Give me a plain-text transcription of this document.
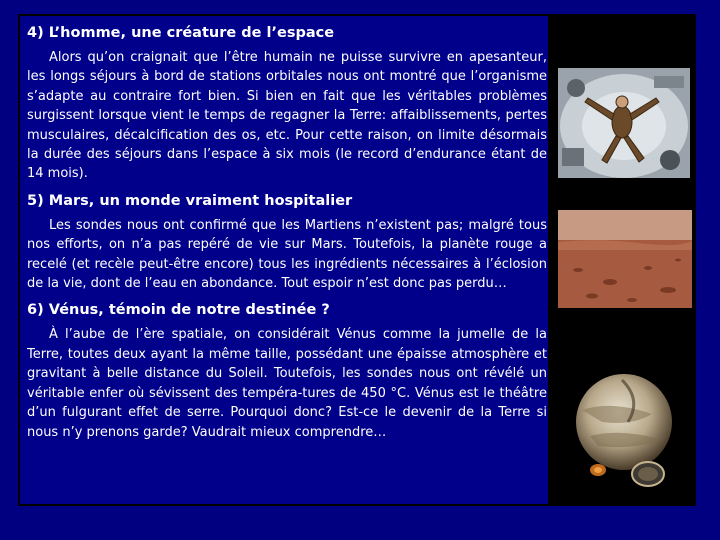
4) L’homme, une créature de l’espace
Alors qu’on craignait que l’être humain ne puisse survivre en apesanteur, les longs séjours à bord de stations orbitales nous ont montré que l’organisme s’adapte au contraire fort bien. Si bien en fait que les véritables problèmes surgissent lorsque vient le temps de regagner la Terre: affaiblissements, pertes musculaires, décalcification des os, etc. Pour cette raison, on limite désormais la durée des séjours dans l’espace à six mois (le record d’endurance étant de 14 mois).
5) Mars, un monde vraiment hospitalier
Les sondes nous ont confirmé que les Martiens n’existent pas; malgré tous nos efforts, on n’a pas repéré de vie sur Mars. Toutefois, la planète rouge a recelé (et recèle peut-être encore) tous les ingrédients nécessaires à l’éclosion de la vie, dont de l’eau en abondance. Tout espoir n’est donc pas perdu…
6) Vénus, témoin de notre destinée ?
À l’aube de l’ère spatiale, on considérait Vénus comme la jumelle de la Terre, toutes deux ayant la même taille, possédant une épaisse atmosphère et gravitant à belle distance du Soleil. Toutefois, les sondes nous ont révélé un véritable enfer où sévissent des tempéra-tures de 450 °C. Vénus est le théâtre d’un fulgurant effet de serre. Pourquoi donc? Est-ce le devenir de la Terre si nous n’y prenons garde? Vaudrait mieux comprendre…
